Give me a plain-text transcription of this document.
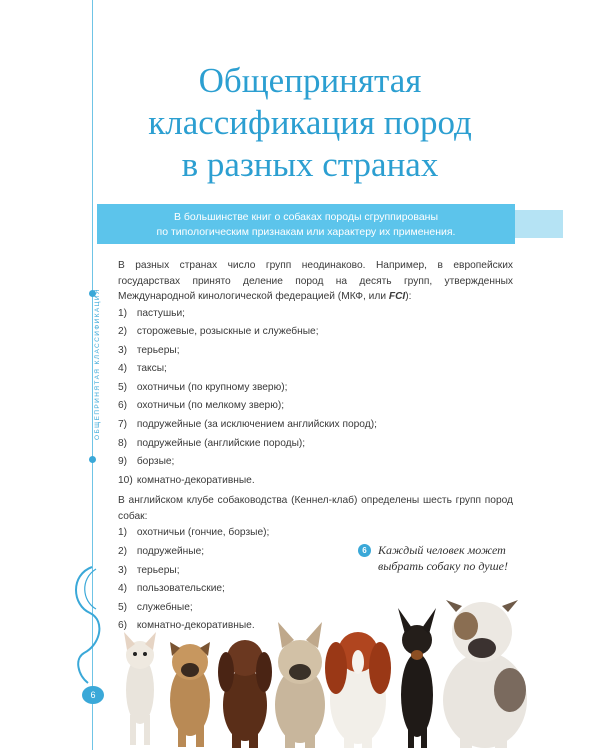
ОБЩЕПРИНЯТАЯ КЛАССИФИКАЦИЯ
Общепринятая
классификация пород
в разных странах
В большинстве книг о собаках породы сгруппированы
по типологическим признакам или характеру их применения.

В разных странах число групп неодинаково. Например, в европейских государствах принято деление пород на десять групп, утвержденных Международной кинологической федерацией (МКФ, или FCI):

1) пастушьи;
2) сторожевые, розыскные и служебные;
3) терьеры;
4) таксы;
5) охотничьи (по крупному зверю);
6) охотничьи (по мелкому зверю);
7) подружейные (за исключением английских пород);
8) подружейные (английские породы);
9) борзые;
10) комнатно-декоративные.

В английском клубе собаководства (Кеннел-клаб) определены шесть групп пород собак:

1) охотничьи (гончие, борзые);
2) подружейные;
3) терьеры;
4) пользовательские;
5) служебные;
6) комнатно-декоративные.
6 Каждый человек может выбрать собаку по душе!
6
